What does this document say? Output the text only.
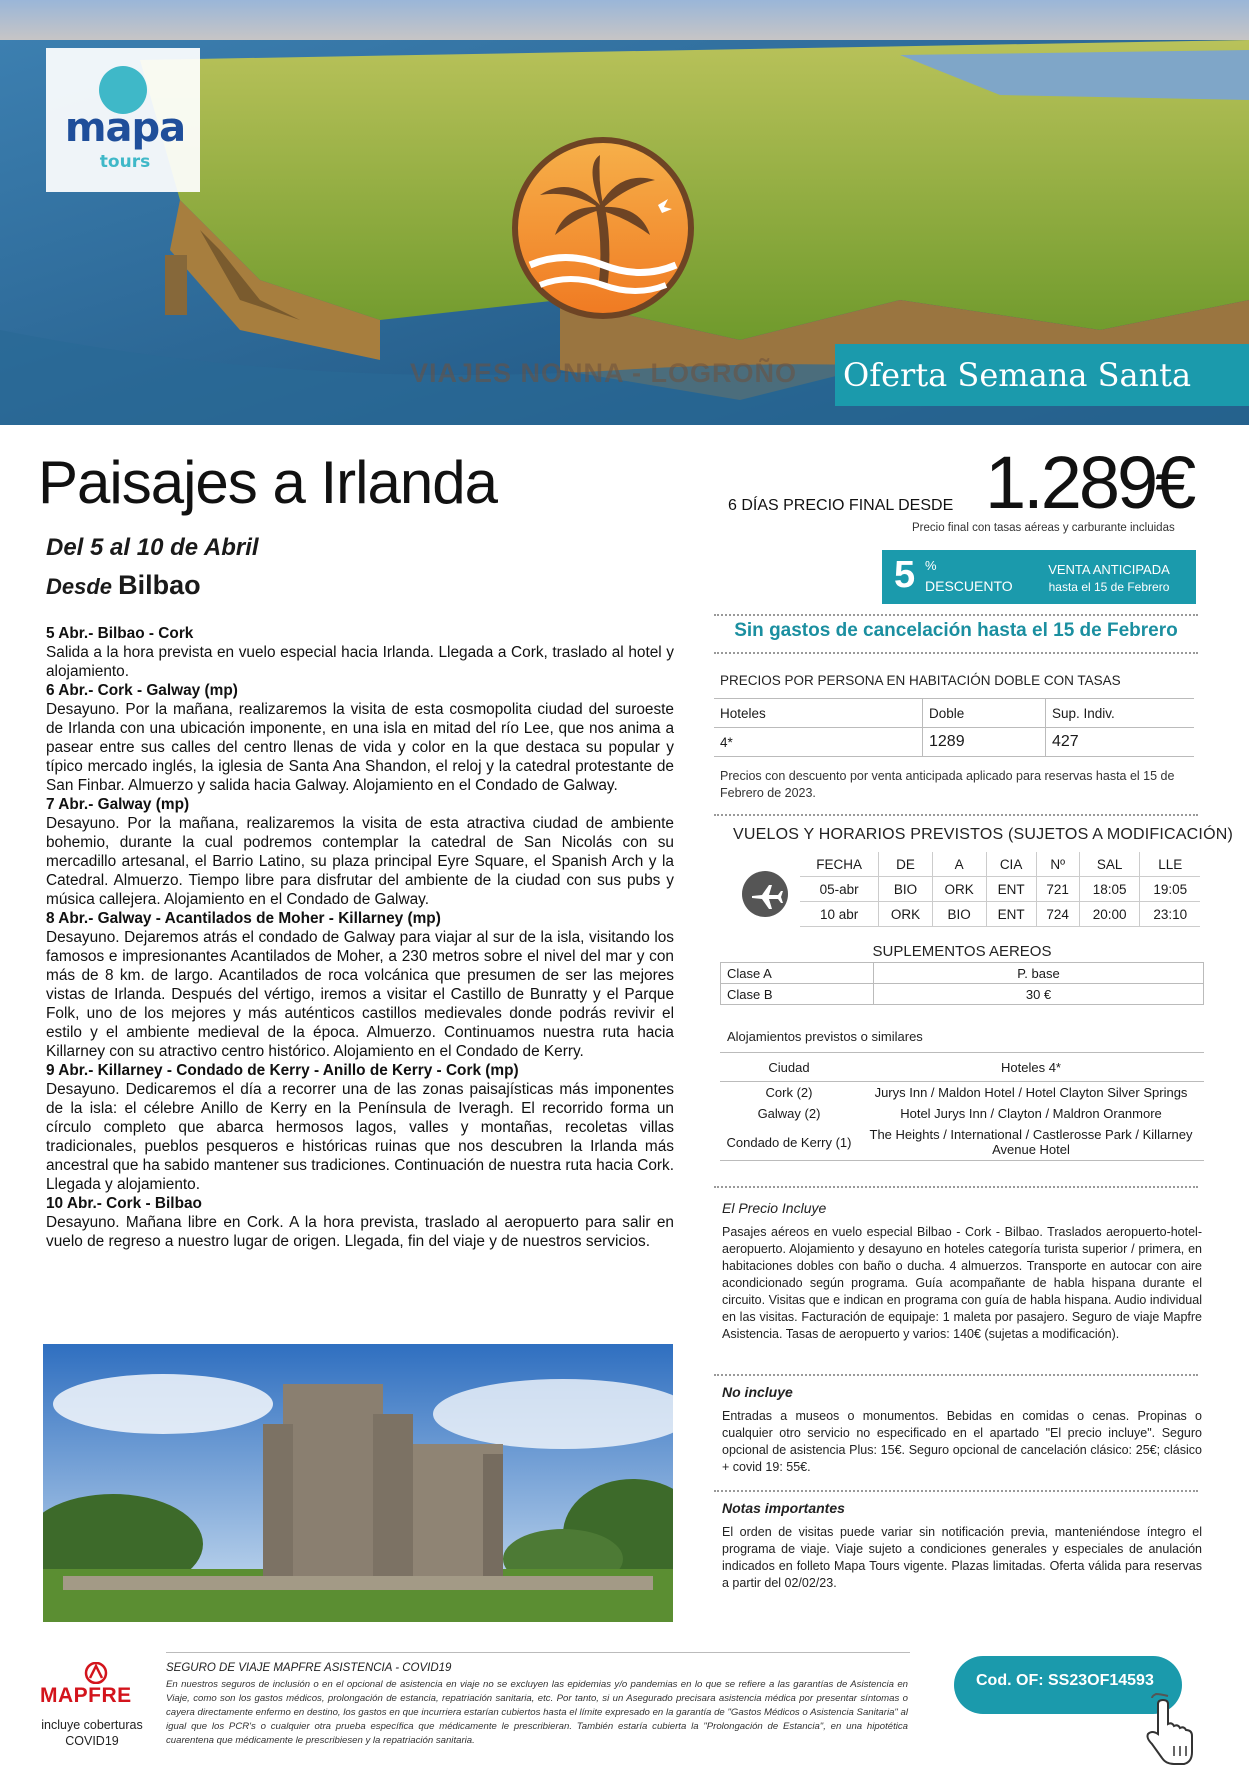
mapa
tours
VIAJES NONNA - LOGROÑO Oferta Semana Santa
Paisajes a Irlanda
Del 5 al 10 de Abril
Desde Bilbao
5 Abr.- Bilbao - Cork
Salida a la hora prevista en vuelo especial hacia Irlanda. Llegada a Cork, traslado al hotel y alojamiento.
6 Abr.- Cork - Galway (mp)
Desayuno. Por la mañana, realizaremos la visita de esta cosmopolita ciudad del suroeste de Irlanda con una ubicación imponente, en una isla en mitad del río Lee, que nos anima a pasear entre sus calles del centro llenas de vida y color en la que destaca su popular y típico mercado inglés, la iglesia de Santa Ana Shandon, el reloj y la catedral protestante de San Finbar. Almuerzo y salida hacia Galway. Alojamiento en el Condado de Galway.
7 Abr.- Galway (mp)
Desayuno. Por la mañana, realizaremos la visita de esta atractiva ciudad de ambiente bohemio, durante la cual podremos contemplar la catedral de San Nicolás con su mercadillo artesanal, el Barrio Latino, su plaza principal Eyre Square, el Spanish Arch y la Catedral. Almuerzo. Tiempo libre para disfrutar del ambiente de la ciudad con sus pubs y música callejera. Alojamiento en el Condado de Galway.
8 Abr.- Galway - Acantilados de Moher - Killarney (mp)
Desayuno. Dejaremos atrás el condado de Galway para viajar al sur de la isla, visitando los famosos e impresionantes Acantilados de Moher, a 230 metros sobre el nivel del mar y con más de 8 km. de largo. Acantilados de roca volcánica que presumen de ser las mejores vistas de Irlanda. Después del vértigo, iremos a visitar el Castillo de Bunratty y el Parque Folk, uno de los mejores y más auténticos castillos medievales donde podrás revivir el estilo y el ambiente medieval de la época. Almuerzo. Continuamos nuestra ruta hacia Killarney con su atractivo centro histórico. Alojamiento en el Condado de Kerry.
9 Abr.- Killarney - Condado de Kerry - Anillo de Kerry - Cork (mp)
Desayuno. Dedicaremos el día a recorrer una de las zonas paisajísticas más imponentes de la isla: el célebre Anillo de Kerry en la Península de Iveragh. El recorrido forma un círculo completo que abarca hermosos lagos, valles y montañas, recoletas villas tradicionales, pueblos pesqueros e históricas ruinas que nos descubren la Irlanda más ancestral que ha sabido mantener sus tradiciones. Continuación de nuestra ruta hacia Cork. Llegada y alojamiento.
10 Abr.- Cork - Bilbao
Desayuno. Mañana libre en Cork. A la hora prevista, traslado al aeropuerto para salir en vuelo de regreso a nuestro lugar de origen. Llegada, fin del viaje y de nuestros servicios.
6 DÍAS PRECIO FINAL DESDE 1.289€
Precio final con tasas aéreas y carburante incluidas
5 %
DESCUENTO
VENTA ANTICIPADA
hasta el 15 de Febrero
Sin gastos de cancelación hasta el 15 de Febrero
PRECIOS POR PERSONA EN HABITACIÓN DOBLE CON TASAS
Hoteles	Doble	Sup. Indiv.
4*	1289	427
Precios con descuento por venta anticipada aplicado para reservas hasta el 15 de Febrero de 2023.
VUELOS Y HORARIOS PREVISTOS (SUJETOS A MODIFICACIÓN)
FECHA	DE	A	CIA	Nº	SAL	LLE
05-abr	BIO	ORK	ENT	721	18:05	19:05
10 abr	ORK	BIO	ENT	724	20:00	23:10
SUPLEMENTOS AEREOS
Clase A	P. base
Clase B	30 €
Alojamientos previstos o similares
Ciudad	Hoteles 4*
Cork (2)	Jurys Inn / Maldon Hotel / Hotel Clayton Silver Springs
Galway (2)	Hotel Jurys Inn / Clayton / Maldron Oranmore
Condado de Kerry (1)	The Heights / International / Castlerosse Park / Killarney Avenue Hotel
El Precio Incluye
Pasajes aéreos en vuelo especial Bilbao - Cork - Bilbao. Traslados aeropuerto-hotel-aeropuerto. Alojamiento y desayuno en hoteles categoría turista superior / primera, en habitaciones dobles con baño o ducha. 4 almuerzos. Transporte en autocar con aire acondicionado según programa. Guía acompañante de habla hispana durante el circuito. Visitas que e indican en programa con guía de habla hispana. Audio individual en las visitas. Facturación de equipaje: 1 maleta por pasajero. Seguro de viaje Mapfre Asistencia. Tasas de aeropuerto y varios: 140€ (sujetas a modificación).
No incluye
Entradas a museos o monumentos. Bebidas en comidas o cenas. Propinas o cualquier otro servicio no especificado en el apartado "El precio incluye". Seguro opcional de asistencia Plus: 15€. Seguro opcional de cancelación clásico: 25€; clásico + covid 19: 55€.
Notas importantes
El orden de visitas puede variar sin notificación previa, manteniéndose íntegro el programa de viaje. Viaje sujeto a condiciones generales y especiales de anulación indicados en folleto Mapa Tours vigente. Plazas limitadas. Oferta válida para reservas a partir del 02/02/23.
MAPFRE
incluye coberturas
COVID19
SEGURO DE VIAJE MAPFRE ASISTENCIA - COVID19
En nuestros seguros de inclusión o en el opcional de asistencia en viaje no se excluyen las epidemias y/o pandemias en lo que se refiere a las garantías de Asistencia en Viaje, como son los gastos médicos, prolongación de estancia, repatriación sanitaria, etc. Por tanto, si un Asegurado precisara asistencia médica por presentar síntomas o cayera directamente enfermo en destino, los gastos en que incurriera estarían cubiertos hasta el límite expresado en la garantía de "Gastos Médicos o Asistencia Sanitaria" al igual que los PCR's o cualquier otra prueba específica que médicamente le prescribieran. También estaría cubierta la "Prolongación de Estancia", en una hipotética cuarentena que médicamente le prescribiesen y la repatriación sanitaria.
Cod. OF: SS23OF14593
